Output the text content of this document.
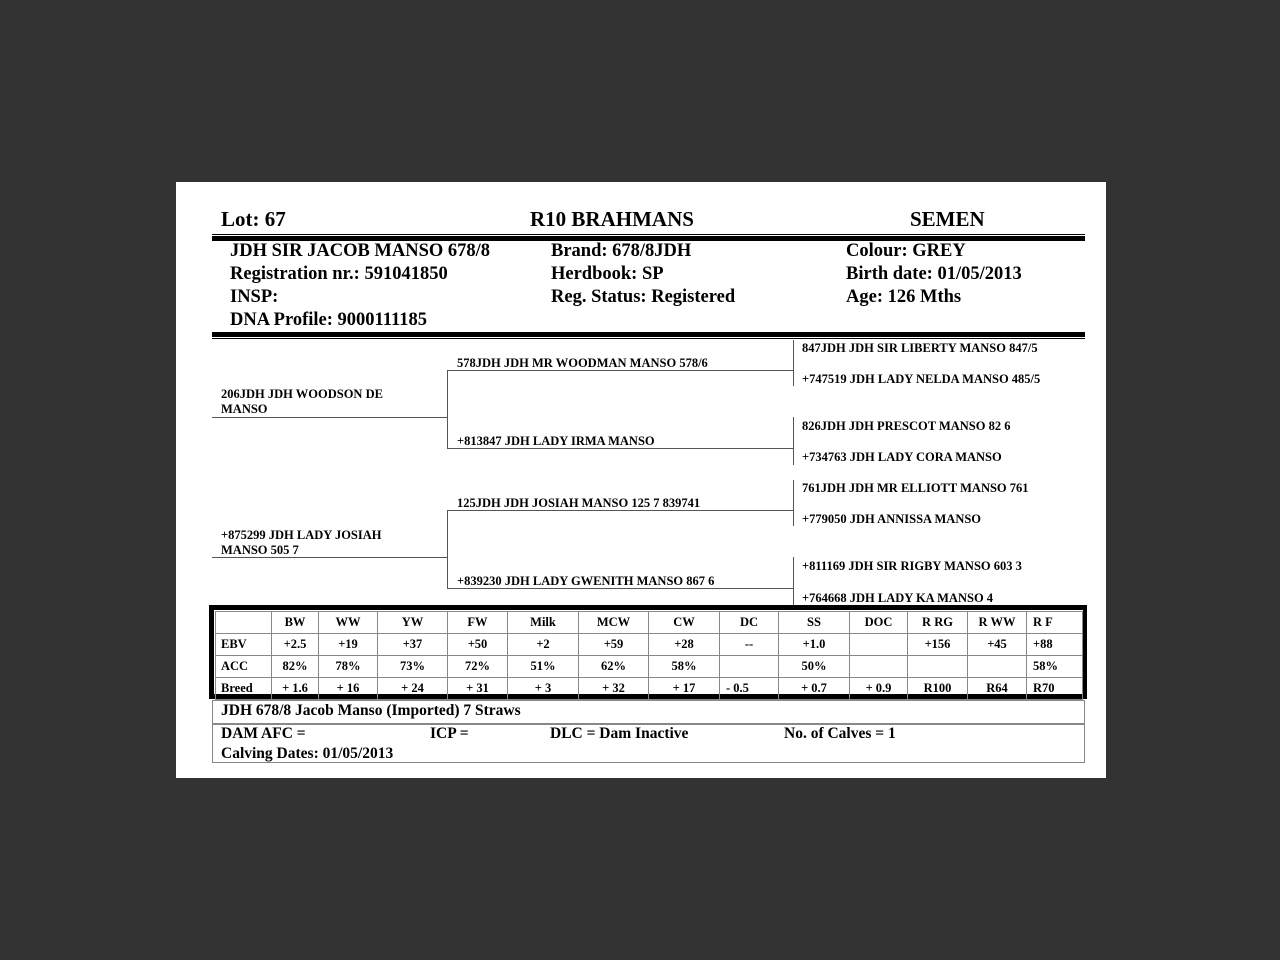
Lot: 67	R10 BRAHMANS	SEMEN
JDH SIR JACOB MANSO 678/8
Registration nr.: 591041850
INSP:
DNA Profile: 9000111185
Brand: 678/8JDH
Herdbook: SP
Reg. Status: Registered
Colour: GREY
Birth date: 01/05/2013
Age: 126 Mths
206JDH JDH WOODSON DE
MANSO
578JDH JDH MR WOODMAN MANSO 578/6
+813847 JDH LADY IRMA MANSO
847JDH JDH SIR LIBERTY MANSO 847/5
+747519 JDH LADY NELDA MANSO 485/5
826JDH JDH PRESCOT MANSO 82 6
+734763 JDH LADY CORA MANSO
+875299 JDH LADY JOSIAH
MANSO 505 7
125JDH JDH JOSIAH MANSO 125 7 839741
+839230 JDH LADY GWENITH MANSO 867 6
761JDH JDH MR ELLIOTT MANSO 761
+779050 JDH ANNISSA MANSO
+811169 JDH SIR RIGBY MANSO 603 3
+764668 JDH LADY KA MANSO 4
	BW	WW	YW	FW	Milk	MCW	CW	DC	SS	DOC	R RG	R WW	R F
EBV	+2.5	+19	+37	+50	+2	+59	+28	--	+1.0		+156	+45	+88
ACC	82%	78%	73%	72%	51%	62%	58%		50%				58%
Breed	+ 1.6	+ 16	+ 24	+ 31	+ 3	+ 32	+ 17	- 0.5	+ 0.7	+ 0.9	R100	R64	R70
JDH 678/8 Jacob Manso (Imported) 7 Straws
DAM AFC =	ICP =	DLC = Dam Inactive	No. of Calves = 1
Calving Dates: 01/05/2013
